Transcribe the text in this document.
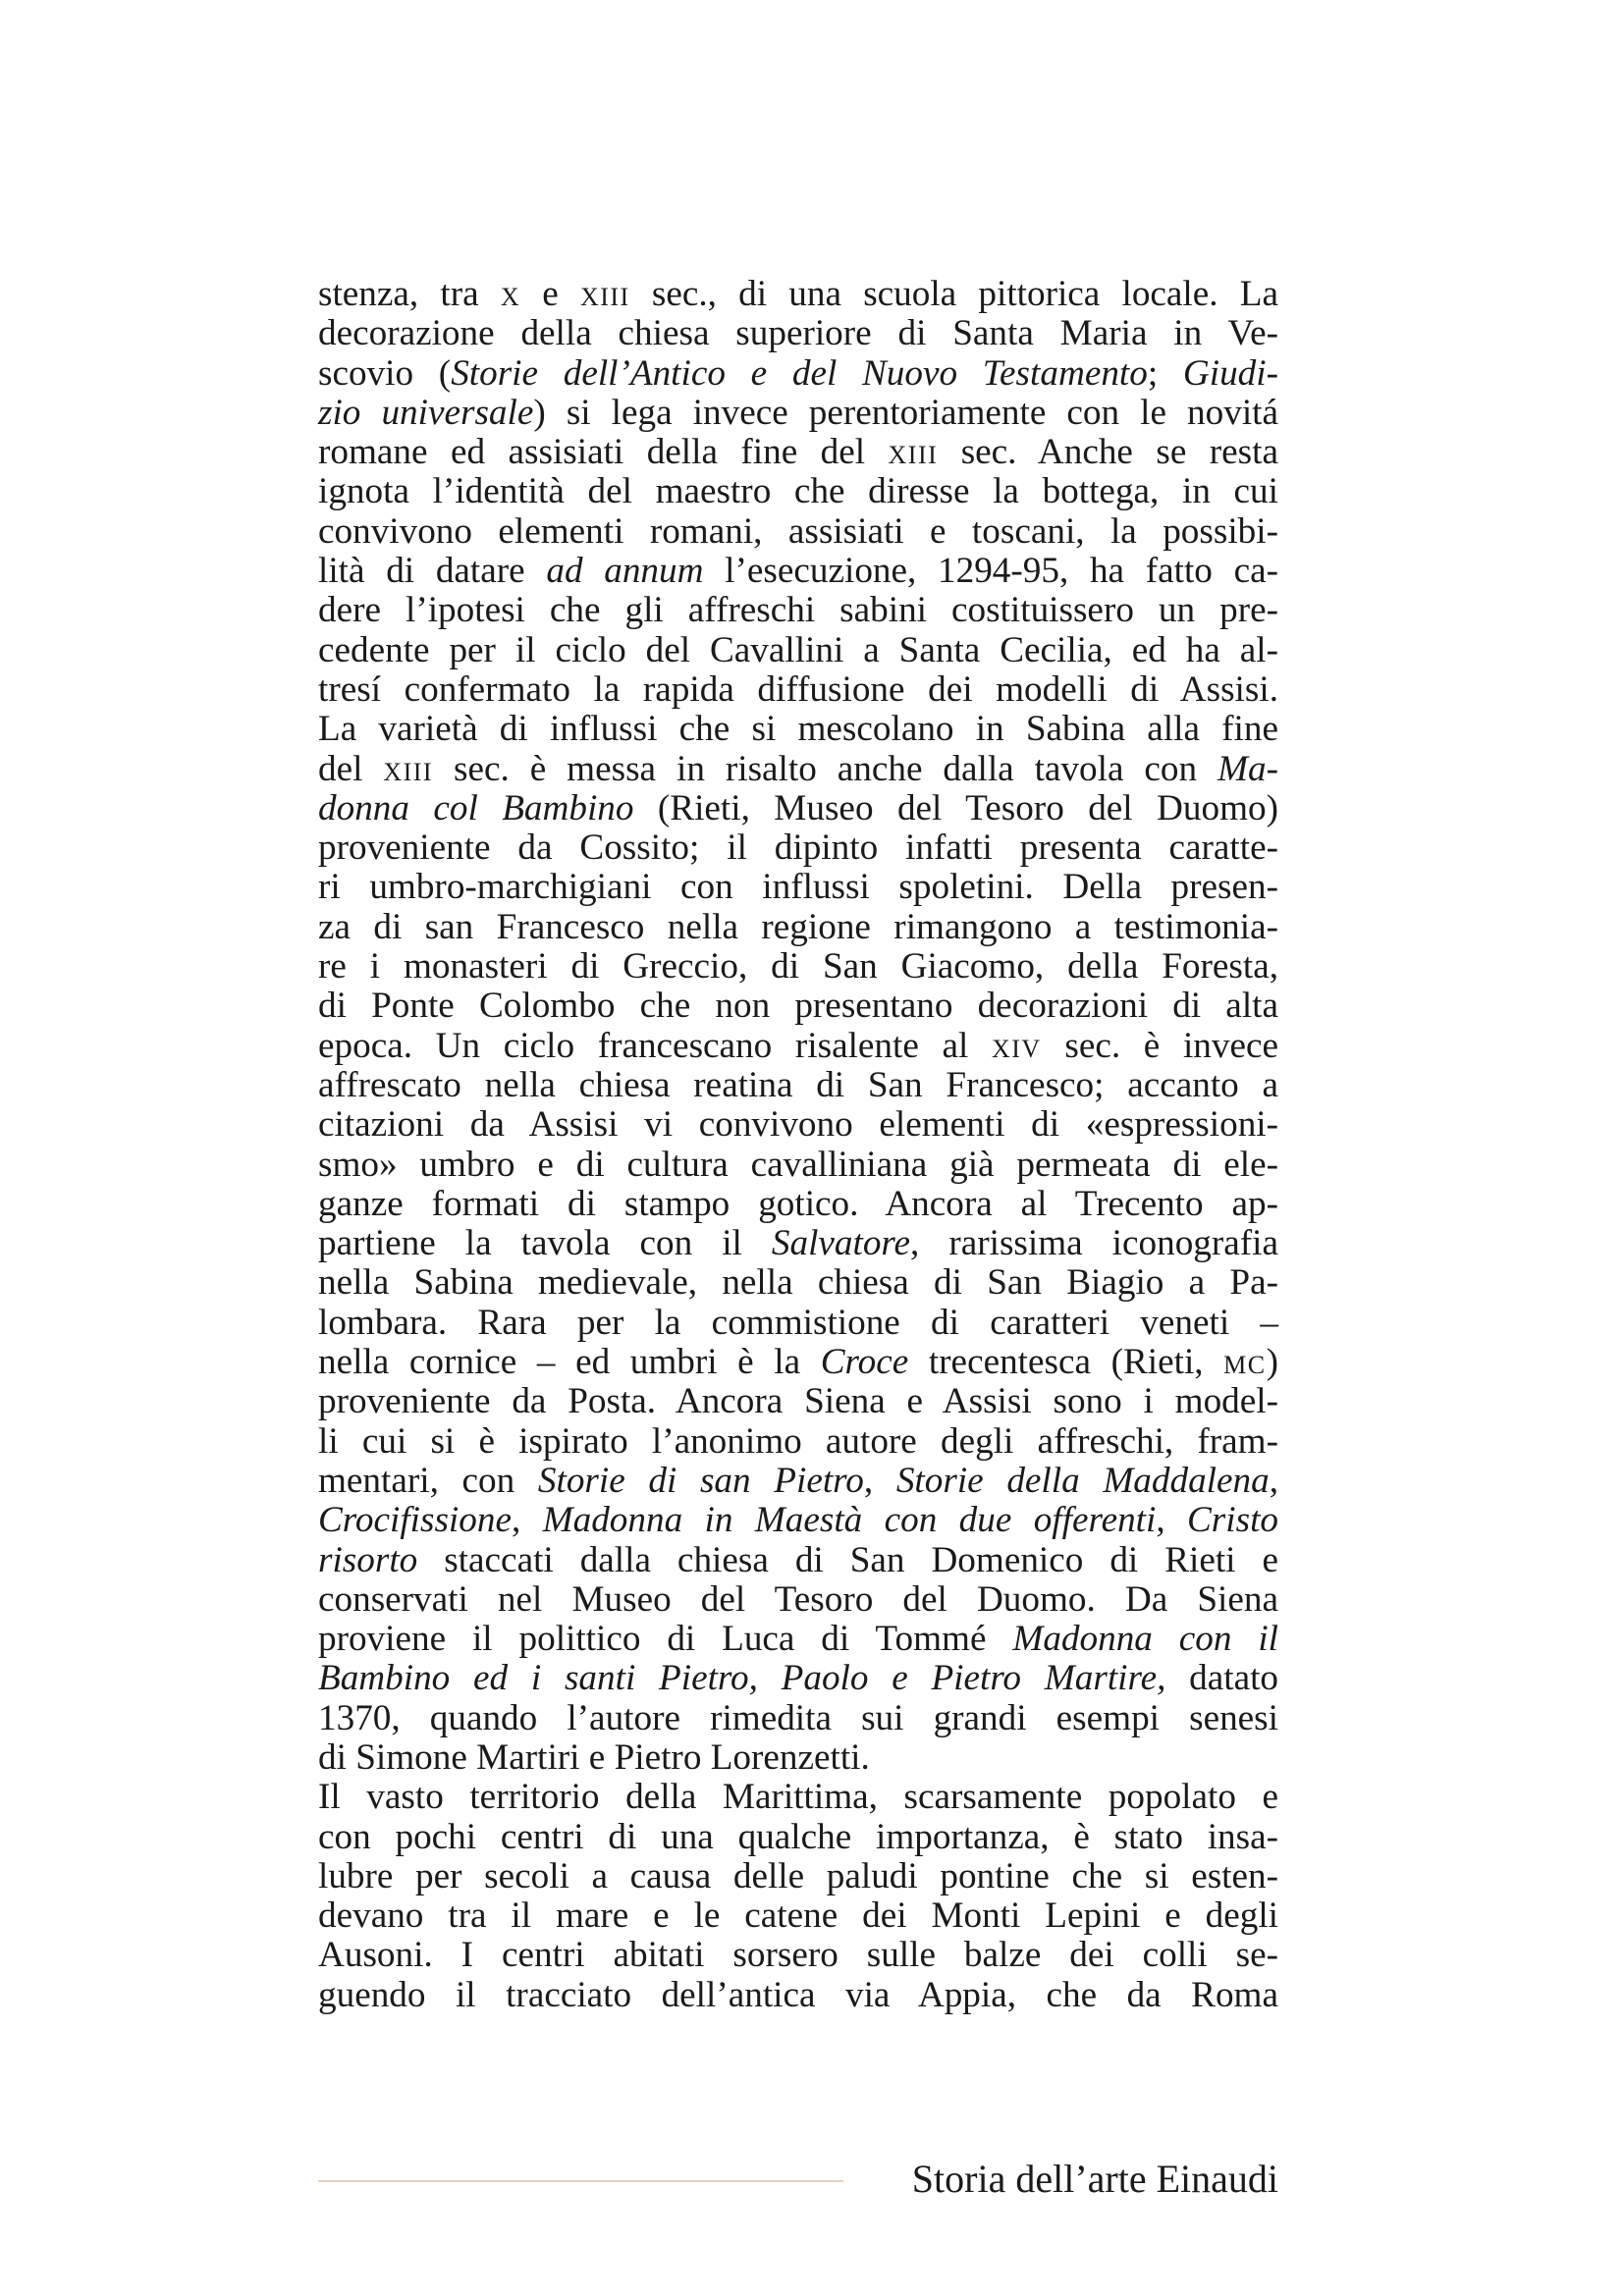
stenza, tra x e xiii sec., di una scuola pittorica locale. La
decorazione della chiesa superiore di Santa Maria in Ve-
scovio (Storie dell’Antico e del Nuovo Testamento; Giudi-
zio universale) si lega invece perentoriamente con le novitá
romane ed assisiati della fine del xiii sec. Anche se resta
ignota l’identità del maestro che diresse la bottega, in cui
convivono elementi romani, assisiati e toscani, la possibi-
lità di datare ad annum l’esecuzione, 1294-95, ha fatto ca-
dere l’ipotesi che gli affreschi sabini costituissero un pre-
cedente per il ciclo del Cavallini a Santa Cecilia, ed ha al-
tresí confermato la rapida diffusione dei modelli di Assisi.
La varietà di influssi che si mescolano in Sabina alla fine
del xiii sec. è messa in risalto anche dalla tavola con Ma-
donna col Bambino (Rieti, Museo del Tesoro del Duomo)
proveniente da Cossito; il dipinto infatti presenta caratte-
ri umbro-marchigiani con influssi spoletini. Della presen-
za di san Francesco nella regione rimangono a testimonia-
re i monasteri di Greccio, di San Giacomo, della Foresta,
di Ponte Colombo che non presentano decorazioni di alta
epoca. Un ciclo francescano risalente al xiv sec. è invece
affrescato nella chiesa reatina di San Francesco; accanto a
citazioni da Assisi vi convivono elementi di «espressioni-
smo» umbro e di cultura cavalliniana già permeata di ele-
ganze formati di stampo gotico. Ancora al Trecento ap-
partiene la tavola con il Salvatore, rarissima iconografia
nella Sabina medievale, nella chiesa di San Biagio a Pa-
lombara. Rara per la commistione di caratteri veneti –
nella cornice – ed umbri è la Croce trecentesca (Rieti, mc)
proveniente da Posta. Ancora Siena e Assisi sono i model-
li cui si è ispirato l’anonimo autore degli affreschi, fram-
mentari, con Storie di san Pietro, Storie della Maddalena,
Crocifissione, Madonna in Maestà con due offerenti, Cristo
risorto staccati dalla chiesa di San Domenico di Rieti e
conservati nel Museo del Tesoro del Duomo. Da Siena
proviene il polittico di Luca di Tommé Madonna con il
Bambino ed i santi Pietro, Paolo e Pietro Martire, datato
1370, quando l’autore rimedita sui grandi esempi senesi
di Simone Martiri e Pietro Lorenzetti.
Il vasto territorio della Marittima, scarsamente popolato e
con pochi centri di una qualche importanza, è stato insa-
lubre per secoli a causa delle paludi pontine che si esten-
devano tra il mare e le catene dei Monti Lepini e degli
Ausoni. I centri abitati sorsero sulle balze dei colli se-
guendo il tracciato dell’antica via Appia, che da Roma
Storia dell’arte Einaudi
